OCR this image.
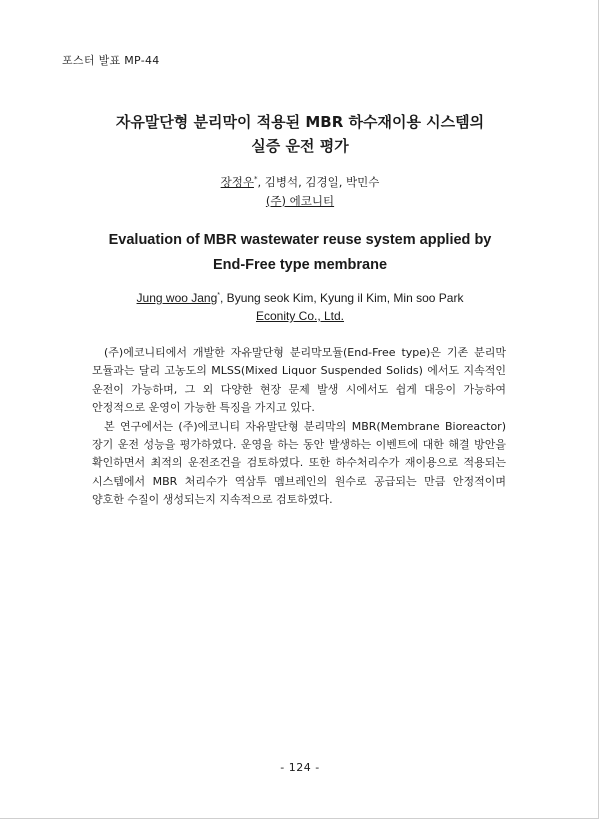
포스터 발표 MP-44
자유말단형 분리막이 적용된 MBR 하수재이용 시스템의
실증 운전 평가
장정우*, 김병석, 김경일, 박민수
(주) 에코니티
Evaluation of MBR wastewater reuse system applied by
End-Free type membrane
Jung woo Jang*, Byung seok Kim, Kyung il Kim, Min soo Park
Econity Co., Ltd.

(주)에코니티에서 개발한 자유말단형 분리막모듈(End-Free type)은 기존 분리막 모듈과는 달리 고농도의 MLSS(Mixed Liquor Suspended Solids) 에서도 지속적인 운전이 가능하며, 그 외 다양한 현장 문제 발생 시에서도 쉽게 대응이 가능하여 안정적으로 운영이 가능한 특징을 가지고 있다.

본 연구에서는 (주)에코니티 자유말단형 분리막의 MBR(Membrane Bioreactor) 장기 운전 성능을 평가하였다. 운영을 하는 동안 발생하는 이벤트에 대한 해결 방안을 확인하면서 최적의 운전조건을 검토하였다. 또한 하수처리수가 재이용으로 적용되는 시스템에서 MBR 처리수가 역삼투 멤브레인의 원수로 공급되는 만큼 안정적이며 양호한 수질이 생성되는지 지속적으로 검토하였다.

- 124 -
